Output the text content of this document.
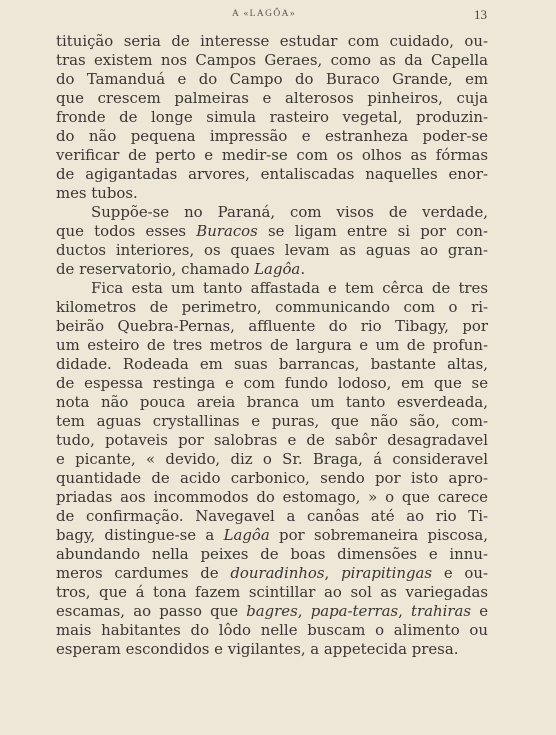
A «LAGÔA»	13
tituição seria de interesse estudar com cuidado, ou-
tras existem nos Campos Geraes, como as da Capella
do Tamanduá e do Campo do Buraco Grande, em
que crescem palmeiras e alterosos pinheiros, cuja
fronde de longe simula rasteiro vegetal, produzin-
do não pequena impressão e estranheza poder-se
verificar de perto e medir-se com os olhos as fórmas
de agigantadas arvores, entaliscadas naquelles enor-
mes tubos.
Suppõe-se no Paraná, com visos de verdade,
que todos esses Buracos se ligam entre si por con-
ductos interiores, os quaes levam as aguas ao gran-
de reservatorio, chamado Lagôa.
Fica esta um tanto affastada e tem cêrca de tres
kilometros de perimetro, communicando com o ri-
beirão Quebra-Pernas, affluente do rio Tibagy, por
um esteiro de tres metros de largura e um de profun-
didade. Rodeada em suas barrancas, bastante altas,
de espessa restinga e com fundo lodoso, em que se
nota não pouca areia branca um tanto esverdeada,
tem aguas crystallinas e puras, que não são, com-
tudo, potaveis por salobras e de sabôr desagradavel
e picante, « devido, diz o Sr. Braga, á consideravel
quantidade de acido carbonico, sendo por isto apro-
priadas aos incommodos do estomago, » o que carece
de confirmação. Navegavel a canôas até ao rio Ti-
bagy, distingue-se a Lagôa por sobremaneira piscosa,
abundando nella peixes de boas dimensões e innu-
meros cardumes de douradinhos, pirapitingas e ou-
tros, que á tona fazem scintillar ao sol as variegadas
escamas, ao passo que bagres, papa-terras, trahiras e
mais habitantes do lôdo nelle buscam o alimento ou
esperam escondidos e vigilantes, a appetecida presa.
